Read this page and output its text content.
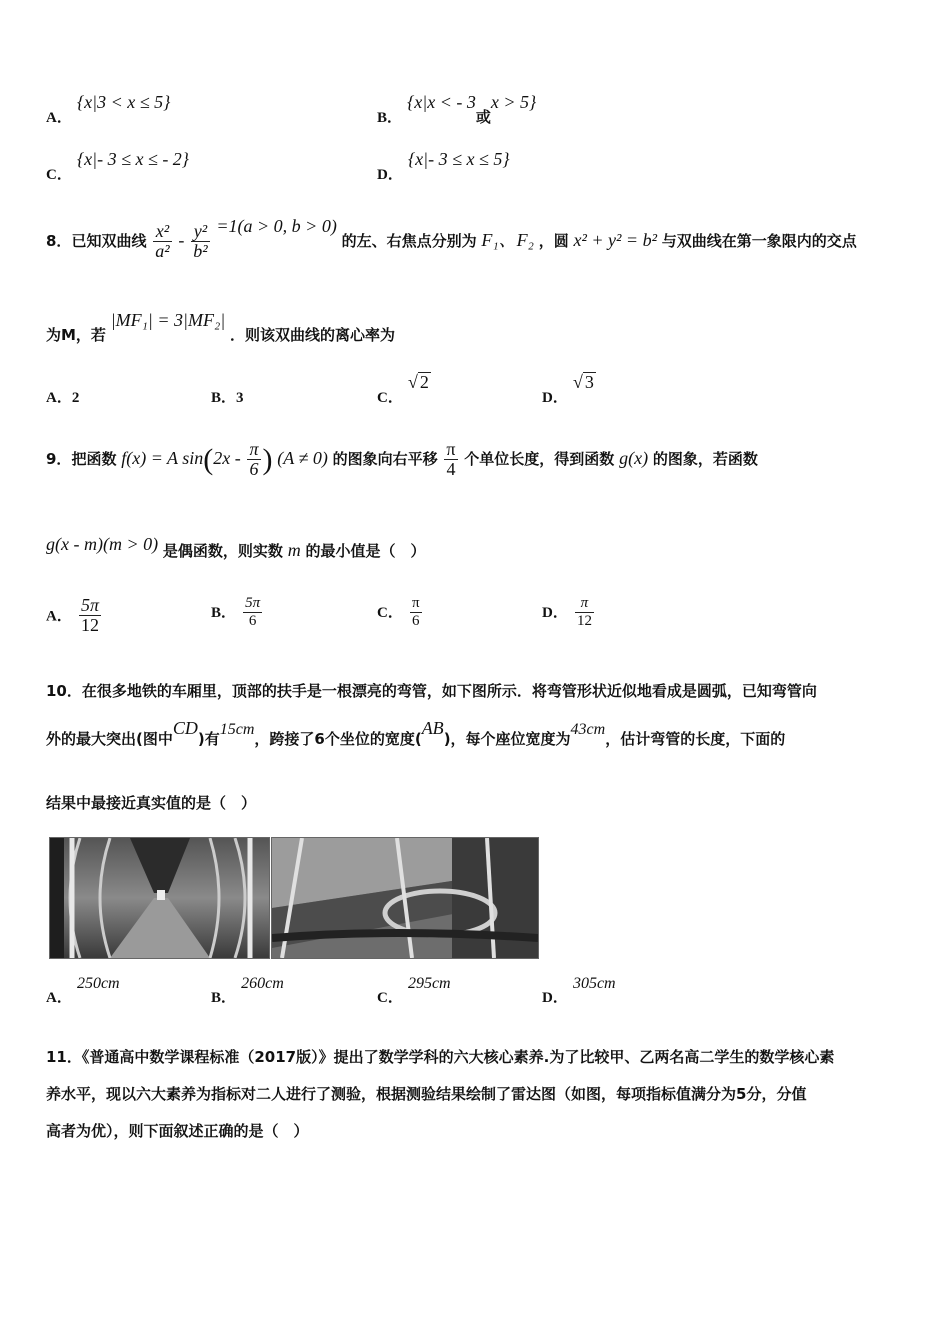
A． {x|3 < x ≤ 5}
B． {x|x < - 3或x > 5}
C． {x|- 3 ≤ x ≤ - 2}
D． {x|- 3 ≤ x ≤ 5}
8．已知双曲线 $\frac{\text{x²}}{\text{a²}} - \frac{\text{y²}}{\text{b²}} =1(a > 0$, b > 0) 的左、右焦点分别为 F₁、F₂ ，圆 x² + y² = b² 与双曲线在第一象限内的交点
为M，若 |MF₁| = 3|MF₂| ．则该双曲线的离心率为
A．2	B．3	C． √ 2
D． √ 3
9．把函数 f(x) = A $\sin(2x - \frac{\pi}{6}$ ) (A ≠ 0) 的图象向右平移 $\frac{\pi}{4}$ 个单位长度，得到函数 g(x) 的图象，若函数
g(x - m)(m > 0) 是偶函数，则实数 m 的最小值是（　）
A． $\frac{5\pi}{12}$	B． $\frac{5\pi}{6}$	C． $\frac{\pi}{6}$	D． $\frac{\pi}{12}$
10．在很多地铁的车厢里，顶部的扶手是一根漂亮的弯管，如下图所示．将弯管形状近似地看成是圆弧，已知弯管向
外的最大突出(图中CD)有15cm，跨接了6个坐位的宽度(AB)，每个座位宽度为43cm，估计弯管的长度，下面的
结果中最接近真实值的是（　）
A． 250cm
B． 260cm
C． 295cm
D． 305cm
11．《普通高中数学课程标准（2017版）》提出了数学学科的六大核心素养.为了比较甲、乙两名高二学生的数学核心素
养水平，现以六大素养为指标对二人进行了测验，根据测验结果绘制了雷达图（如图，每项指标值满分为5分，分值
高者为优），则下面叙述正确的是（　）
